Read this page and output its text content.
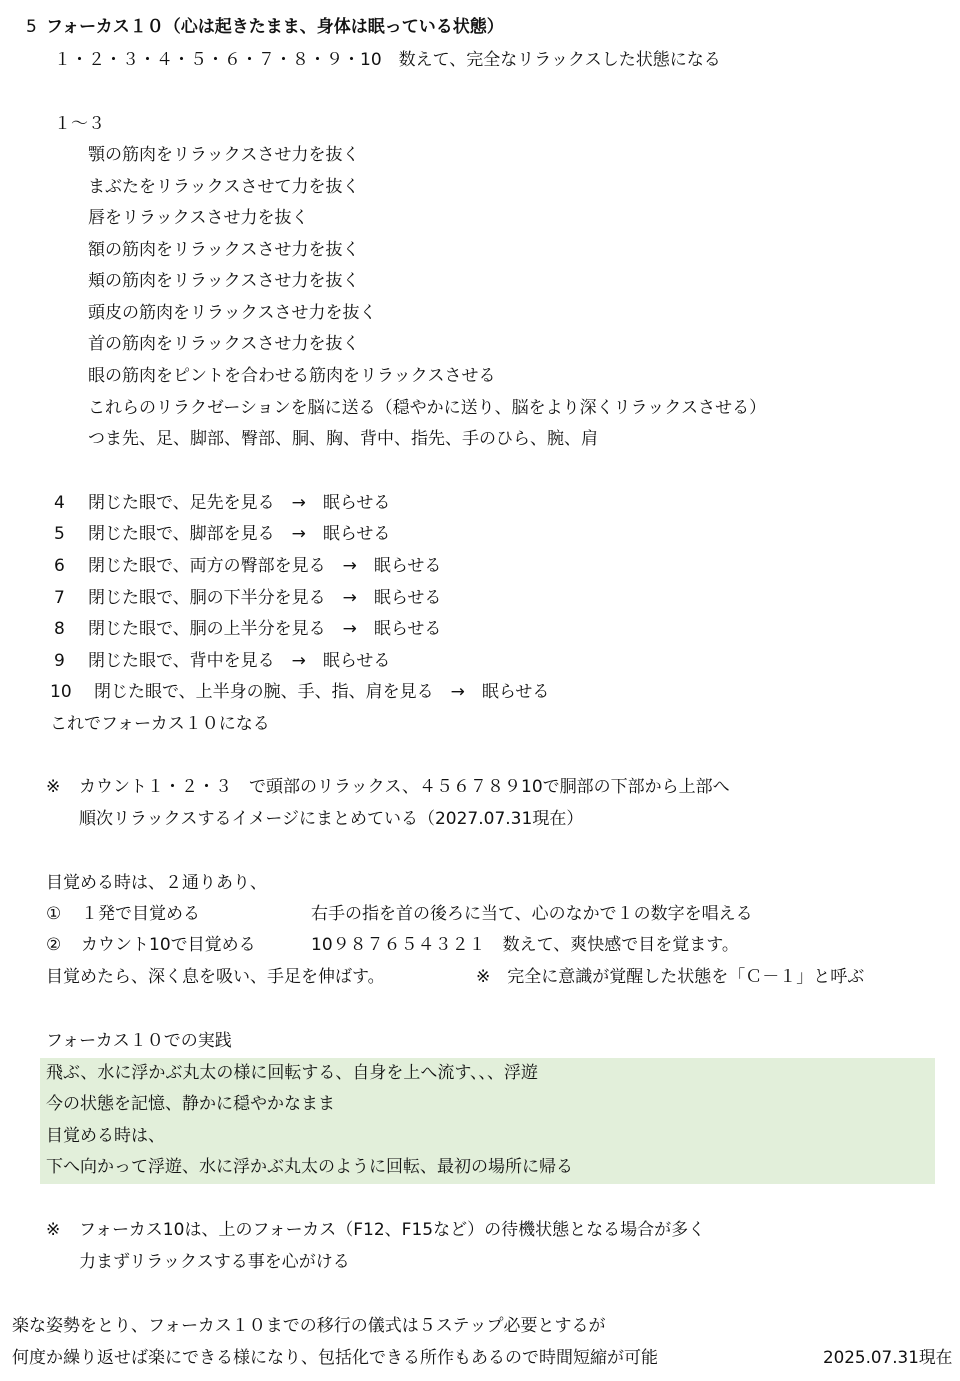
5 フォーカス１０（心は起きたまま、身体は眠っている状態）
１・２・３・４・５・６・７・８・９・10　数えて、完全なリラックスした状態になる
１～３
顎の筋肉をリラックスさせ力を抜く
まぶたをリラックスさせて力を抜く
唇をリラックスさせ力を抜く
額の筋肉をリラックスさせ力を抜く
頬の筋肉をリラックスさせ力を抜く
頭皮の筋肉をリラックスさせ力を抜く
首の筋肉をリラックスさせ力を抜く
眼の筋肉をピントを合わせる筋肉をリラックスさせる
これらのリラクゼーションを脳に送る（穏やかに送り、脳をより深くリラックスさせる）
つま先、足、脚部、臀部、胴、胸、背中、指先、手のひら、腕、肩
4 閉じた眼で、足先を見る　→　眠らせる
5 閉じた眼で、脚部を見る　→　眠らせる
6 閉じた眼で、両方の臀部を見る　→　眠らせる
7 閉じた眼で、胴の下半分を見る　→　眠らせる
8 閉じた眼で、胴の上半分を見る　→　眠らせる
9 閉じた眼で、背中を見る　→　眠らせる
10 閉じた眼で、上半身の腕、手、指、肩を見る　→　眠らせる
これでフォーカス１０になる
※ カウント１・２・３　で頭部のリラックス、４５６７８９10で胴部の下部から上部へ
順次リラックスするイメージにまとめている（2027.07.31現在）
目覚める時は、２通りあり、
① １発で目覚める	右手の指を首の後ろに当て、心のなかで１の数字を唱える
② カウント10で目覚める	10９８７６５４３２１　数えて、爽快感で目を覚ます。
目覚めたら、深く息を吸い、手足を伸ばす。	※　完全に意識が覚醒した状態を「Ｃ－１」と呼ぶ
フォーカス１０での実践
飛ぶ、水に浮かぶ丸太の様に回転する、自身を上へ流す、、、浮遊
今の状態を記憶、静かに穏やかなまま
目覚める時は、
下へ向かって浮遊、水に浮かぶ丸太のように回転、最初の場所に帰る
※ フォーカス10は、上のフォーカス（F12、F15など）の待機状態となる場合が多く
力まずリラックスする事を心がける
楽な姿勢をとり、フォーカス１０までの移行の儀式は５ステップ必要とするが
何度か繰り返せば楽にできる様になり、包括化できる所作もあるので時間短縮が可能	2025.07.31現在
